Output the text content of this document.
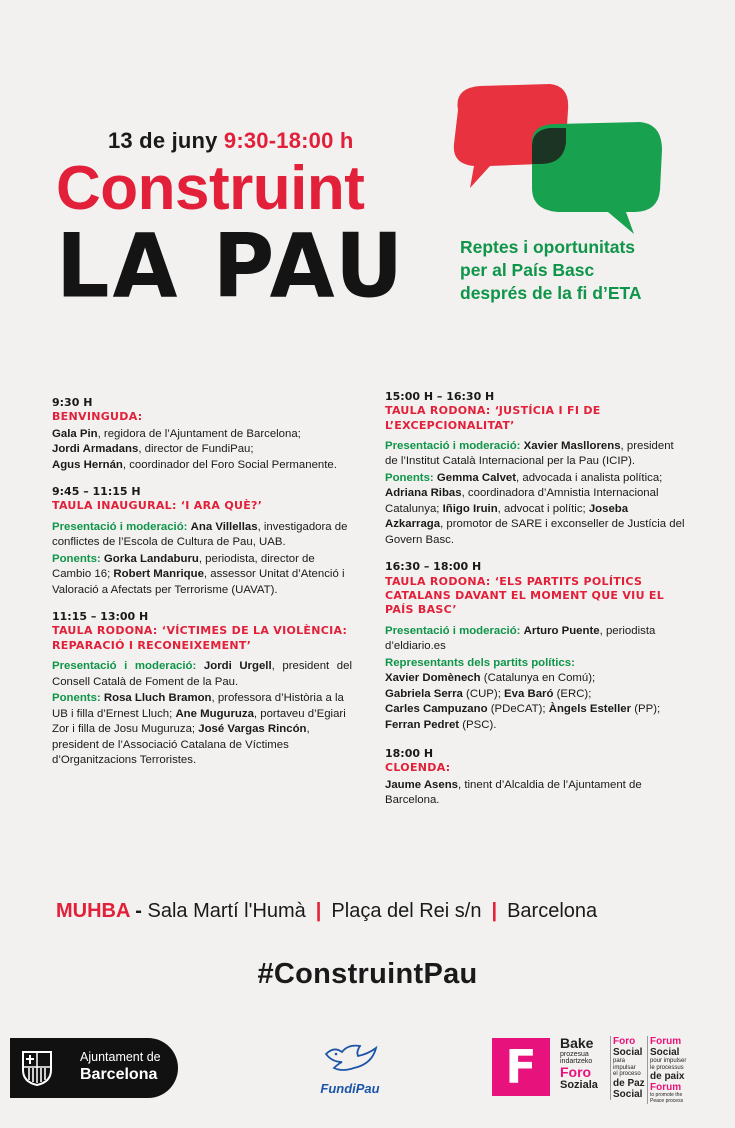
13 de juny 9:30-18:00 h
Construint
LA PAU	Reptes i oportunitats
per al País Basc
després de la fi d’ETA
9:30 H
BENVINGUDA:
Gala Pin, regidora de l’Ajuntament de Barcelona;
Jordi Armadans, director de FundiPau;
Agus Hernán, coordinador del Foro Social Permanente.
9:45 – 11:15 H
TAULA INAUGURAL: ‘I ARA QUÈ?’
Presentació i moderació: Ana Villellas, investigadora de conflictes de l’Escola de Cultura de Pau, UAB.
Ponents: Gorka Landaburu, periodista, director de Cambio 16; Robert Manrique, assessor Unitat d’Atenció i Valoració a Afectats per Terrorisme (UAVAT).
11:15 – 13:00 H
TAULA RODONA: ‘VÍCTIMES DE LA VIOLÈNCIA: REPARACIÓ I RECONEIXEMENT’
Presentació i moderació: Jordi Urgell, president del Consell Català de Foment de la Pau.
Ponents: Rosa Lluch Bramon, professora d’Història a la UB i filla d’Ernest Lluch; Ane Muguruza, portaveu d’Egiari Zor i filla de Josu Muguruza; José Vargas Rincón, president de l’Associació Catalana de Víctimes d’Organitzacions Terroristes.
15:00 H – 16:30 H
TAULA RODONA: ‘JUSTÍCIA I FI DE L’EXCEPCIONALITAT’
Presentació i moderació: Xavier Masllorens, president de l’Institut Català Internacional per la Pau (ICIP).
Ponents: Gemma Calvet, advocada i analista política; Adriana Ribas, coordinadora d’Amnistia Internacional Catalunya; Iñigo Iruin, advocat i polític; Joseba Azkarraga, promotor de SARE i exconseller de Justícia del Govern Basc.
16:30 – 18:00 H
TAULA RODONA: ‘ELS PARTITS POLÍTICS CATALANS DAVANT EL MOMENT QUE VIU EL PAÍS BASC’
Presentació i moderació: Arturo Puente, periodista d’eldiario.es
Representants dels partits polítics:
Xavier Domènech (Catalunya en Comú);
Gabriela Serra (CUP); Eva Baró (ERC);
Carles Campuzano (PDeCAT); Àngels Esteller (PP);
Ferran Pedret (PSC).
18:00 H
CLOENDA:
Jaume Asens, tinent d’Alcaldia de l’Ajuntament de Barcelona.
MUHBA - Sala Martí l'Humà | Plaça del Rei s/n | Barcelona
#ConstruintPau
Ajuntament de
Barcelona
FundiPau	F	Bake
prozesua
indartzeko
Foro
Soziala
Foro
Social
para impulsar
el proceso
de Paz
Social
Forum
Social
pour impulser
le processus
de paix
Forum
to promote the Peace process
